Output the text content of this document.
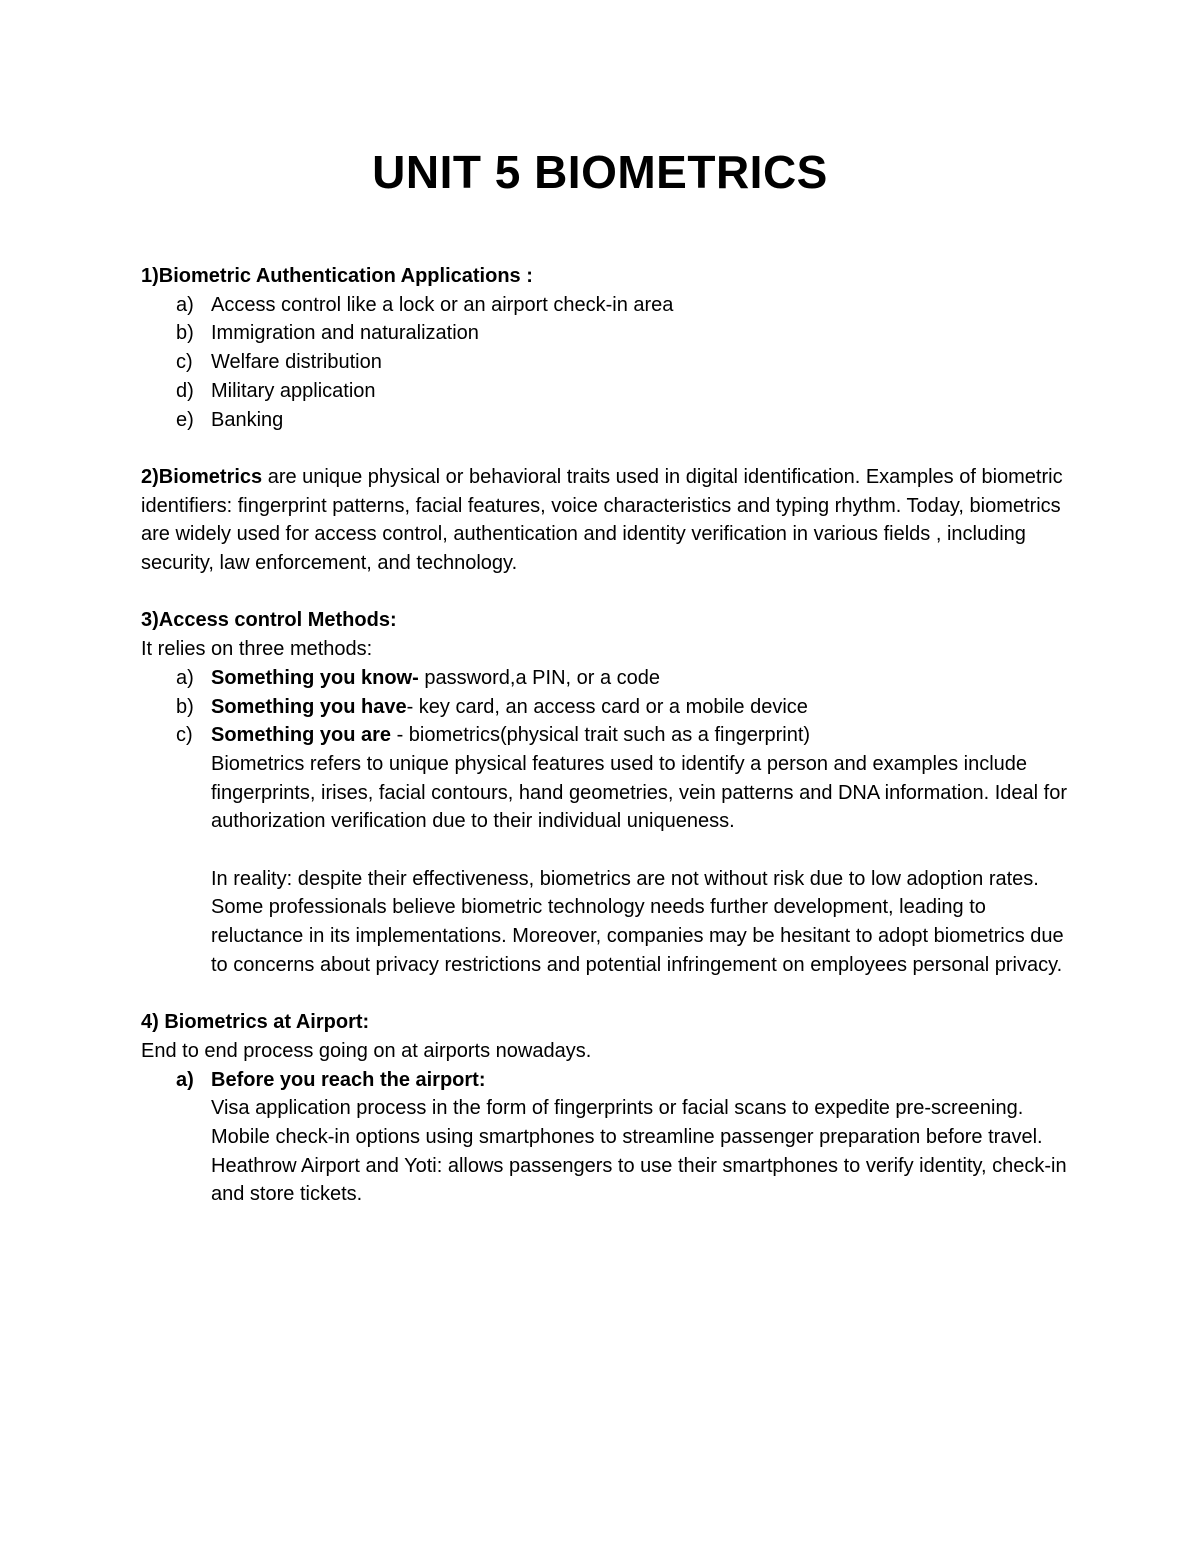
UNIT 5 BIOMETRICS

1)Biometric Authentication Applications :

a) Access control like a lock or an airport check-in area
b) Immigration and naturalization
c) Welfare distribution
d) Military application
e) Banking

2)Biometrics are unique physical or behavioral traits used in digital identification. Examples of biometric identifiers: fingerprint patterns, facial features, voice characteristics and typing rhythm. Today, biometrics are widely used for access control, authentication and identity verification in various fields , including security, law enforcement, and technology.

3)Access control Methods:

It relies on three methods:

a) Something you know- password,a PIN, or a code
b) Something you have- key card, an access card or a mobile device
c) Something you are - biometrics(physical trait such as a fingerprint)

Biometrics refers to unique physical features used to identify a person and examples include fingerprints, irises, facial contours, hand geometries, vein patterns and DNA information. Ideal for authorization verification due to their individual uniqueness.

In reality: despite their effectiveness, biometrics are not without risk due to low adoption rates. Some professionals believe biometric technology needs further development, leading to reluctance in its implementations. Moreover, companies may be hesitant to adopt biometrics due to concerns about privacy restrictions and potential infringement on employees personal privacy.

4) Biometrics at Airport:

End to end process going on at airports nowadays.

a) Before you reach the airport:

Visa application process in the form of fingerprints or facial scans to expedite pre-screening.

Mobile check-in options using smartphones to streamline passenger preparation before travel.

Heathrow Airport and Yoti: allows passengers to use their smartphones to verify identity, check-in and store tickets.
